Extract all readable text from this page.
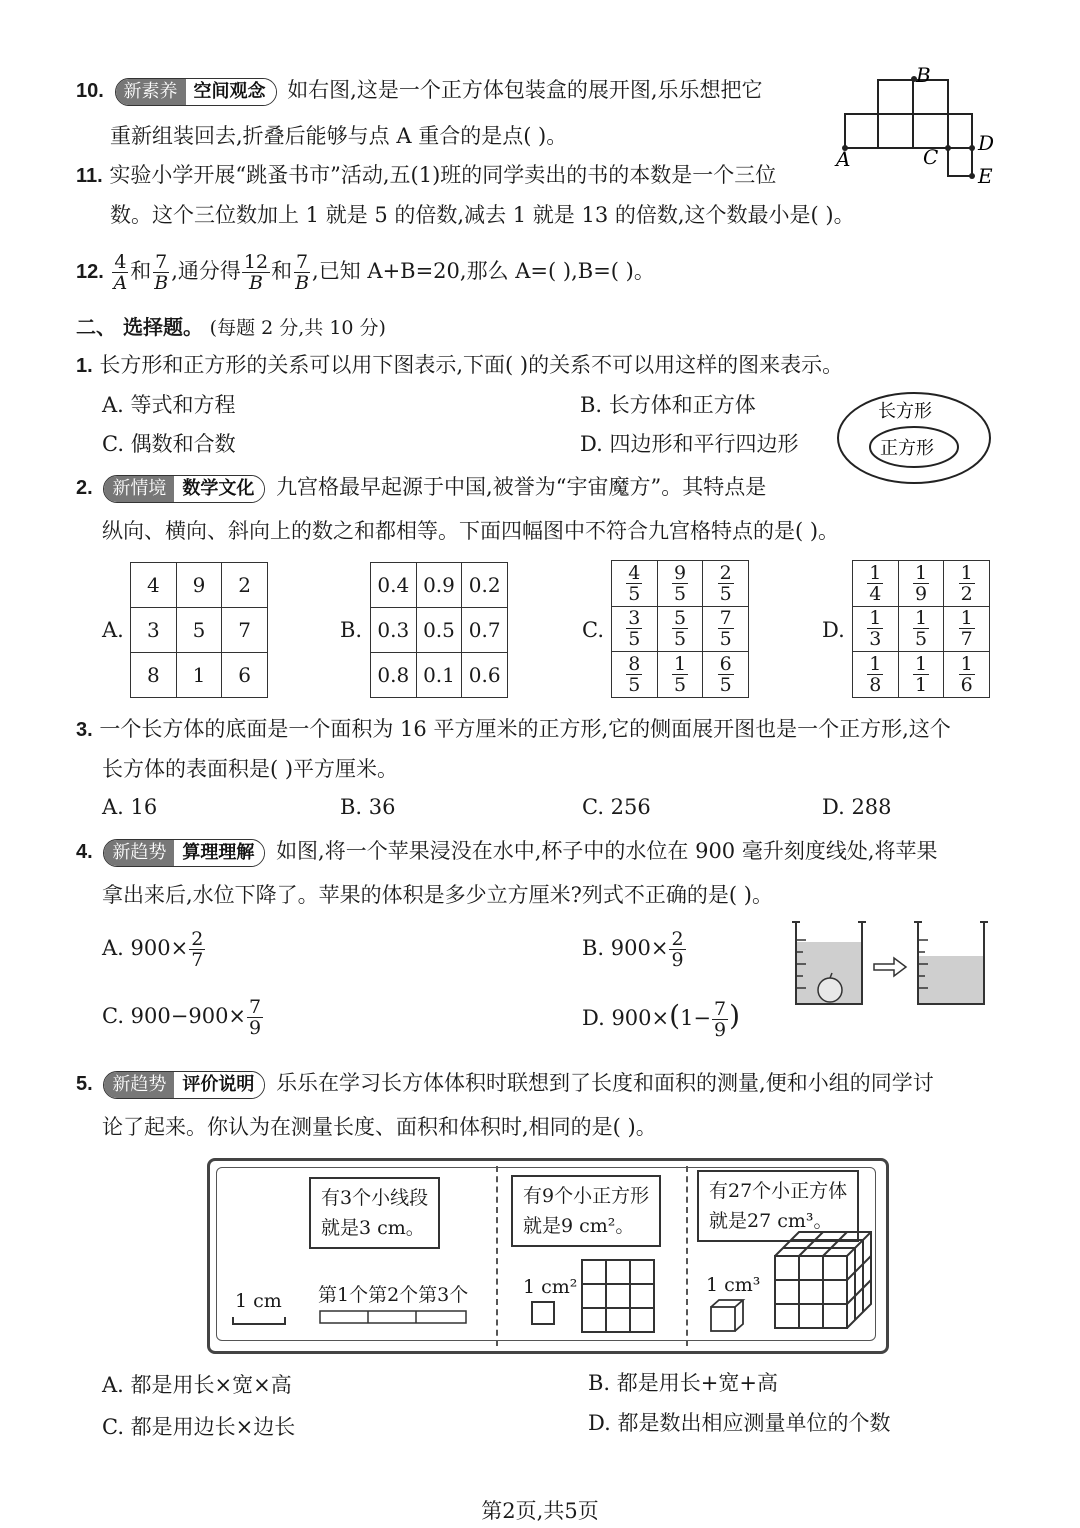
10.	新素养 空间观念	如右图,这是一个正方体包装盒的展开图,乐乐想把它
重新组装回去,折叠后能够与点 A 重合的是点( )。
B
A	C
D
E
11. 实验小学开展“跳蚤书市”活动,五(1)班的同学卖出的书的本数是一个三位
数。这个三位数加上 1 就是 5 的倍数,减去 1 就是 13 的倍数,这个数最小是( )。
12. $\frac{4}{A}$ 和 $\frac{7}{B}$ ,通分得 $\frac{12}{B}$ 和 $\frac{7}{B}$ ,已知 A+B=20,那么 A=( ),B=( )。
二、 选择题。 (每题 2 分,共 10 分)
1. 长方形和正方形的关系可以用下图表示,下面( )的关系不可以用这样的图来表示。
A. 等式和方程	B. 长方体和正方体
C. 偶数和合数	D. 四边形和平行四边形
长方形
正方形
2.	新情境 数学文化	九宫格最早起源于中国,被誉为“宇宙魔方”。其特点是
纵向、横向、斜向上的数之和都相等。下面四幅图中不符合九宫格特点的是( )。
A.
4	9	2
3	5	7
8	1	6
B.
0.4	0.9	0.2
0.3	0.5	0.7
0.8	0.1	0.6
C.
$\frac{4}{5}$	$\frac{9}{5}$	$\frac{2}{5}$

$\frac{3}{5}$	$\frac{5}{5}$	$\frac{7}{5}$

$\frac{8}{5}$	$\frac{1}{5}$	$\frac{6}{5}$
D.
$\frac{1}{4}$	$\frac{1}{9}$	$\frac{1}{2}$

$\frac{1}{3}$	$\frac{1}{5}$	$\frac{1}{7}$

$\frac{1}{8}$	$\frac{1}{1}$	$\frac{1}{6}$
3. 一个长方体的底面是一个面积为 16 平方厘米的正方形,它的侧面展开图也是一个正方形,这个
长方体的表面积是( )平方厘米。
A. 16	B. 36	C. 256	D. 288
4.	新趋势 算理理解	如图,将一个苹果浸没在水中,杯子中的水位在 900 毫升刻度线处,将苹果
拿出来后,水位下降了。苹果的体积是多少立方厘米?列式不正确的是( )。
A. $900\times \frac{2}{7}$	B. $900\times \frac{2}{9}$
C. $900-900\times \frac{7}{9}$	D. $900\times(1- \frac{7}{9}$ )
5.	新趋势 评价说明	乐乐在学习长方体体积时联想到了长度和面积的测量,便和小组的同学讨
论了起来。你认为在测量长度、面积和体积时,相同的是( )。
有3个小线段
就是3 cm。
有9个小正方形
就是9 cm²。
有27个小正方体
就是27 cm³。
1 cm 第1个第2个第3个	1 cm²	1 cm³
A. 都是用长×宽×高	B. 都是用长+宽+高
C. 都是用边长×边长	D. 都是数出相应测量单位的个数
第2页,共5页
